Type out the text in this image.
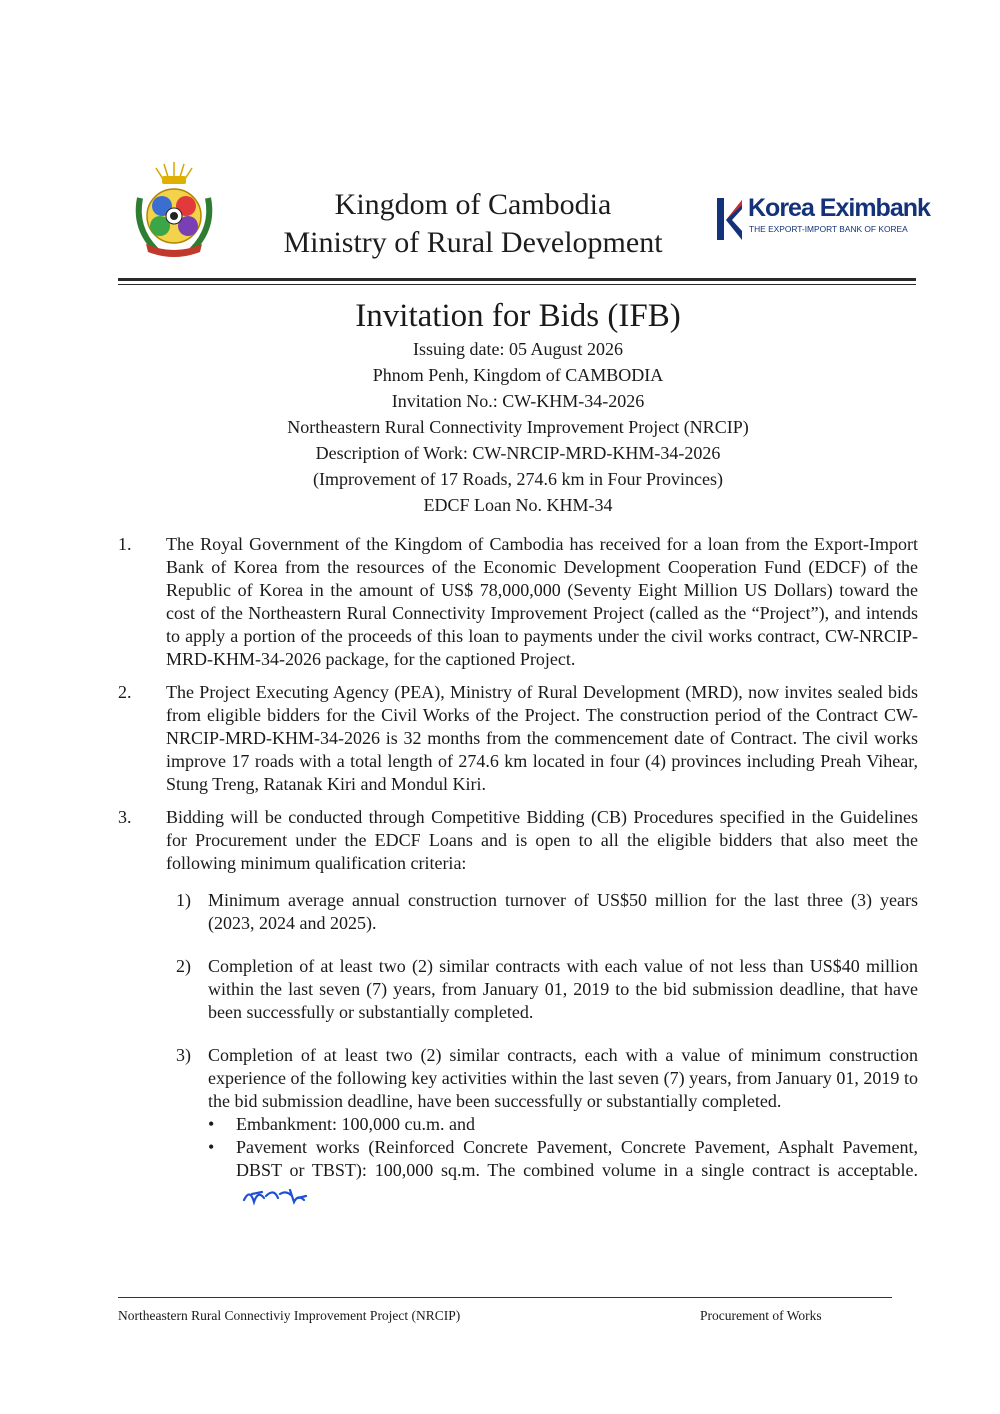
Kingdom of Cambodia
Ministry of Rural Development
Korea Eximbank
THE EXPORT-IMPORT BANK OF KOREA
Invitation for Bids (IFB)
Issuing date: 05 August 2026
Phnom Penh, Kingdom of CAMBODIA
Invitation No.: CW-KHM-34-2026
Northeastern Rural Connectivity Improvement Project (NRCIP)
Description of Work: CW-NRCIP-MRD-KHM-34-2026
(Improvement of 17 Roads, 274.6 km in Four Provinces)
EDCF Loan No. KHM-34
1. The Royal Government of the Kingdom of Cambodia has received for a loan from the Export-Import Bank of Korea from the resources of the Economic Development Cooperation Fund (EDCF) of the Republic of Korea in the amount of US$ 78,000,000 (Seventy Eight Million US Dollars) toward the cost of the Northeastern Rural Connectivity Improvement Project (called as the “Project”), and intends to apply a portion of the proceeds of this loan to payments under the civil works contract, CW-NRCIP-MRD-KHM-34-2026 package, for the captioned Project.
2. The Project Executing Agency (PEA), Ministry of Rural Development (MRD), now invites sealed bids from eligible bidders for the Civil Works of the Project. The construction period of the Contract CW-NRCIP-MRD-KHM-34-2026 is 32 months from the commencement date of Contract. The civil works improve 17 roads with a total length of 274.6 km located in four (4) provinces including Preah Vihear, Stung Treng, Ratanak Kiri and Mondul Kiri.
3. Bidding will be conducted through Competitive Bidding (CB) Procedures specified in the Guidelines for Procurement under the EDCF Loans and is open to all the eligible bidders that also meet the following minimum qualification criteria:
1) Minimum average annual construction turnover of US$50 million for the last three (3) years (2023, 2024 and 2025).
2) Completion of at least two (2) similar contracts with each value of not less than US$40 million within the last seven (7) years, from January 01, 2019 to the bid submission deadline, that have been successfully or substantially completed.
3) Completion of at least two (2) similar contracts, each with a value of minimum construction experience of the following key activities within the last seven (7) years, from January 01, 2019 to the bid submission deadline, have been successfully or substantially completed.
• Embankment: 100,000 cu.m. and
• Pavement works (Reinforced Concrete Pavement, Concrete Pavement, Asphalt Pavement, DBST or TBST): 100,000 sq.m. The combined volume in a single contract is acceptable.
Northeastern Rural Connectiviy Improvement Project (NRCIP)	Procurement of Works
